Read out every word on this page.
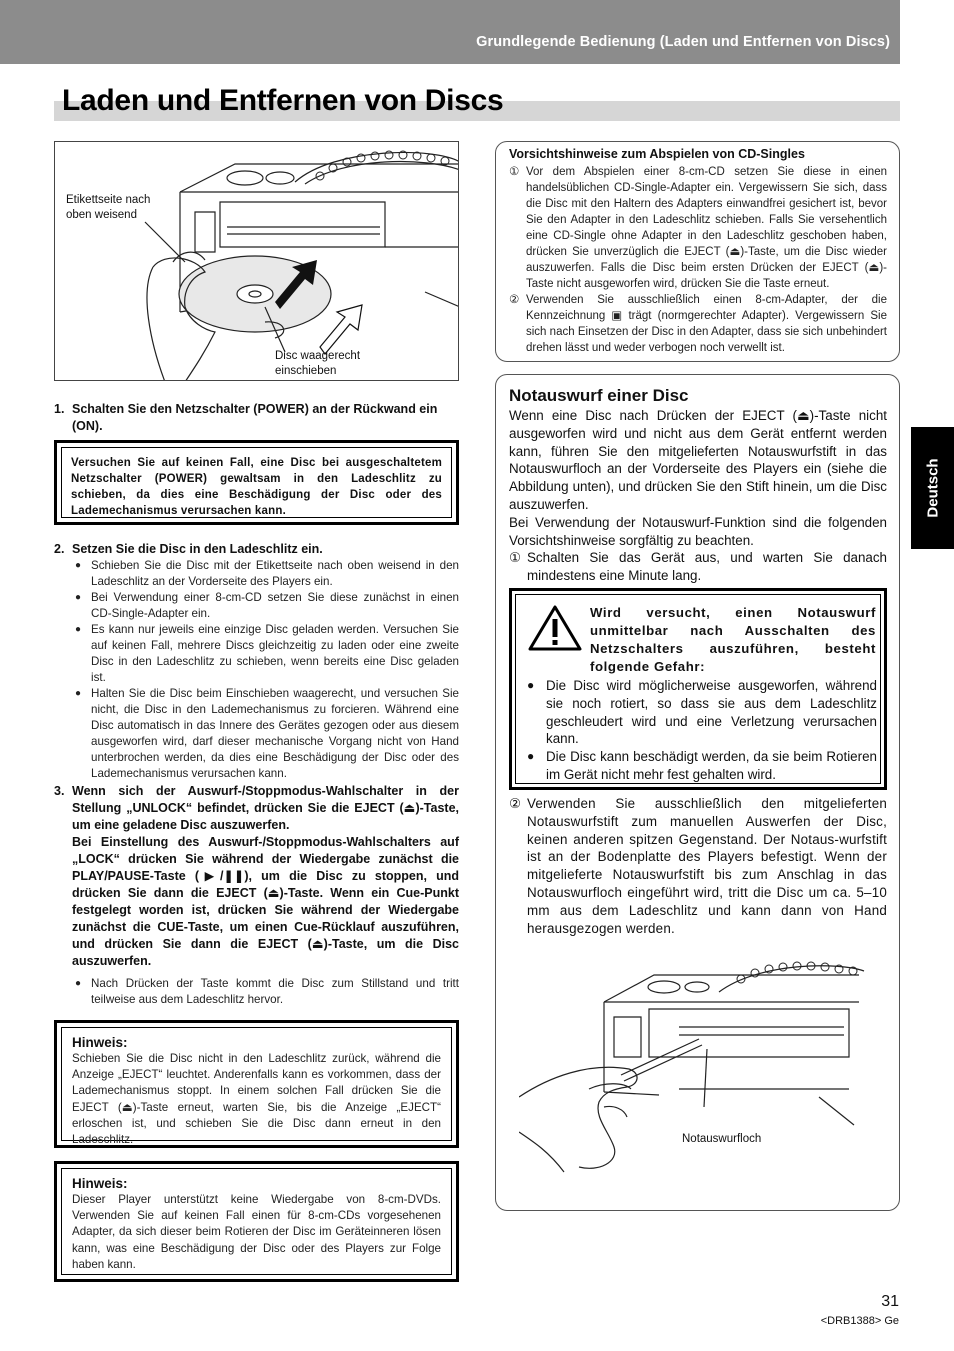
Grundlegende Bedienung (Laden und Entfernen von Discs)
Laden und Entfernen von Discs
Deutsch
Etikettseite nach oben weisend
Disc waagerecht einschieben
1. Schalten Sie den Netzschalter (POWER) an der Rückwand ein (ON).
Versuchen Sie auf keinen Fall, eine Disc bei ausgeschaltetem Netzschalter (POWER) gewaltsam in den Ladeschlitz zu schieben, da dies eine Beschädigung der Disc oder des Lademechanismus verursachen kann.
2. Setzen Sie die Disc in den Ladeschlitz ein.
● Schieben Sie die Disc mit der Etikettseite nach oben weisend in den Ladeschlitz an der Vorderseite des Players ein.
● Bei Verwendung einer 8-cm-CD setzen Sie diese zunächst in einen CD-Single-Adapter ein.
● Es kann nur jeweils eine einzige Disc geladen werden. Versuchen Sie auf keinen Fall, mehrere Discs gleichzeitig zu laden oder eine zweite Disc in den Ladeschlitz zu schieben, wenn bereits eine Disc geladen ist.
● Halten Sie die Disc beim Einschieben waagerecht, und versuchen Sie nicht, die Disc in den Lademechanismus zu forcieren. Während eine Disc automatisch in das Innere des Gerätes gezogen oder aus diesem ausgeworfen wird, darf dieser mechanische Vorgang nicht von Hand unterbrochen werden, da dies eine Beschädigung der Disc oder des Lademechanismus verursachen kann.
3. Wenn sich der Auswurf-/Stoppmodus-Wahlschalter in der Stellung „UNLOCK“ befindet, drücken Sie die EJECT (⏏)-Taste, um eine geladene Disc auszuwerfen.
Bei Einstellung des Auswurf-/Stoppmodus-Wahlschalters auf „LOCK“ drücken Sie während der Wiedergabe zunächst die PLAY/PAUSE-Taste (▶/❚❚), um die Disc zu stoppen, und drücken Sie dann die EJECT (⏏)-Taste. Wenn ein Cue-Punkt festgelegt worden ist, drücken Sie während der Wiedergabe zunächst die CUE-Taste, um einen Cue-Rücklauf auszuführen, und drücken Sie dann die EJECT (⏏)-Taste, um die Disc auszuwerfen.
● Nach Drücken der Taste kommt die Disc zum Stillstand und tritt teilweise aus dem Ladeschlitz hervor.
Hinweis:
Schieben Sie die Disc nicht in den Ladeschlitz zurück, während die Anzeige „EJECT“ leuchtet. Anderenfalls kann es vorkommen, dass der Lademechanismus stoppt. In einem solchen Fall drücken Sie die EJECT (⏏)-Taste erneut, warten Sie, bis die Anzeige „EJECT“ erloschen ist, und schieben Sie die Disc dann erneut in den Ladeschlitz.
Hinweis:
Dieser Player unterstützt keine Wiedergabe von 8-cm-DVDs. Verwenden Sie auf keinen Fall einen für 8-cm-CDs vorgesehenen Adapter, da sich dieser beim Rotieren der Disc im Geräteinneren lösen kann, was eine Beschädigung der Disc oder des Players zur Folge haben kann.
Vorsichtshinweise zum Abspielen von CD-Singles
① Vor dem Abspielen einer 8-cm-CD setzen Sie diese in einen handelsüblichen CD-Single-Adapter ein. Vergewissern Sie sich, dass die Disc mit den Haltern des Adapters einwandfrei gesichert ist, bevor Sie den Adapter in den Ladeschlitz schieben. Falls Sie versehentlich eine CD-Single ohne Adapter in den Ladeschlitz geschoben haben, drücken Sie unverzüglich die EJECT (⏏)-Taste, um die Disc wieder auszuwerfen. Falls die Disc beim ersten Drücken der EJECT (⏏)-Taste nicht ausgeworfen wird, drücken Sie die Taste erneut.
② Verwenden Sie ausschließlich einen 8-cm-Adapter, der die Kennzeichnung ▣ trägt (normgerechter Adapter). Vergewissern Sie sich nach Einsetzen der Disc in den Adapter, dass sie sich unbehindert drehen lässt und weder verbogen noch verwellt ist.
Notauswurf einer Disc
Wenn eine Disc nach Drücken der EJECT (⏏)-Taste nicht ausgeworfen wird und nicht aus dem Gerät entfernt werden kann, führen Sie den mitgelieferten Notauswurfstift in das Notauswurfloch an der Vorderseite des Players ein (siehe die Abbildung unten), und drücken Sie den Stift hinein, um die Disc auszuwerfen.
Bei Verwendung der Notauswurf-Funktion sind die folgenden Vorsichtshinweise sorgfältig zu beachten.
① Schalten Sie das Gerät aus, und warten Sie danach mindestens eine Minute lang.
Wird versucht, einen Notauswurf unmittelbar nach Ausschalten des Netzschalters auszuführen, besteht folgende Gefahr:
● Die Disc wird möglicherweise ausgeworfen, während sie noch rotiert, so dass sie aus dem Ladeschlitz geschleudert wird und eine Verletzung verursachen kann.
● Die Disc kann beschädigt werden, da sie beim Rotieren im Gerät nicht mehr fest gehalten wird.
② Verwenden Sie ausschließlich den mitgelieferten Notauswurfstift zum manuellen Auswerfen der Disc, keinen anderen spitzen Gegenstand. Der Notaus-wurfstift ist an der Bodenplatte des Players befestigt. Wenn der mitgelieferte Notauswurfstift bis zum Anschlag in das Notauswurfloch eingeführt wird, tritt die Disc um ca. 5–10 mm aus dem Ladeschlitz und kann dann von Hand herausgezogen werden.
Notauswurfloch
31
<DRB1388> Ge
